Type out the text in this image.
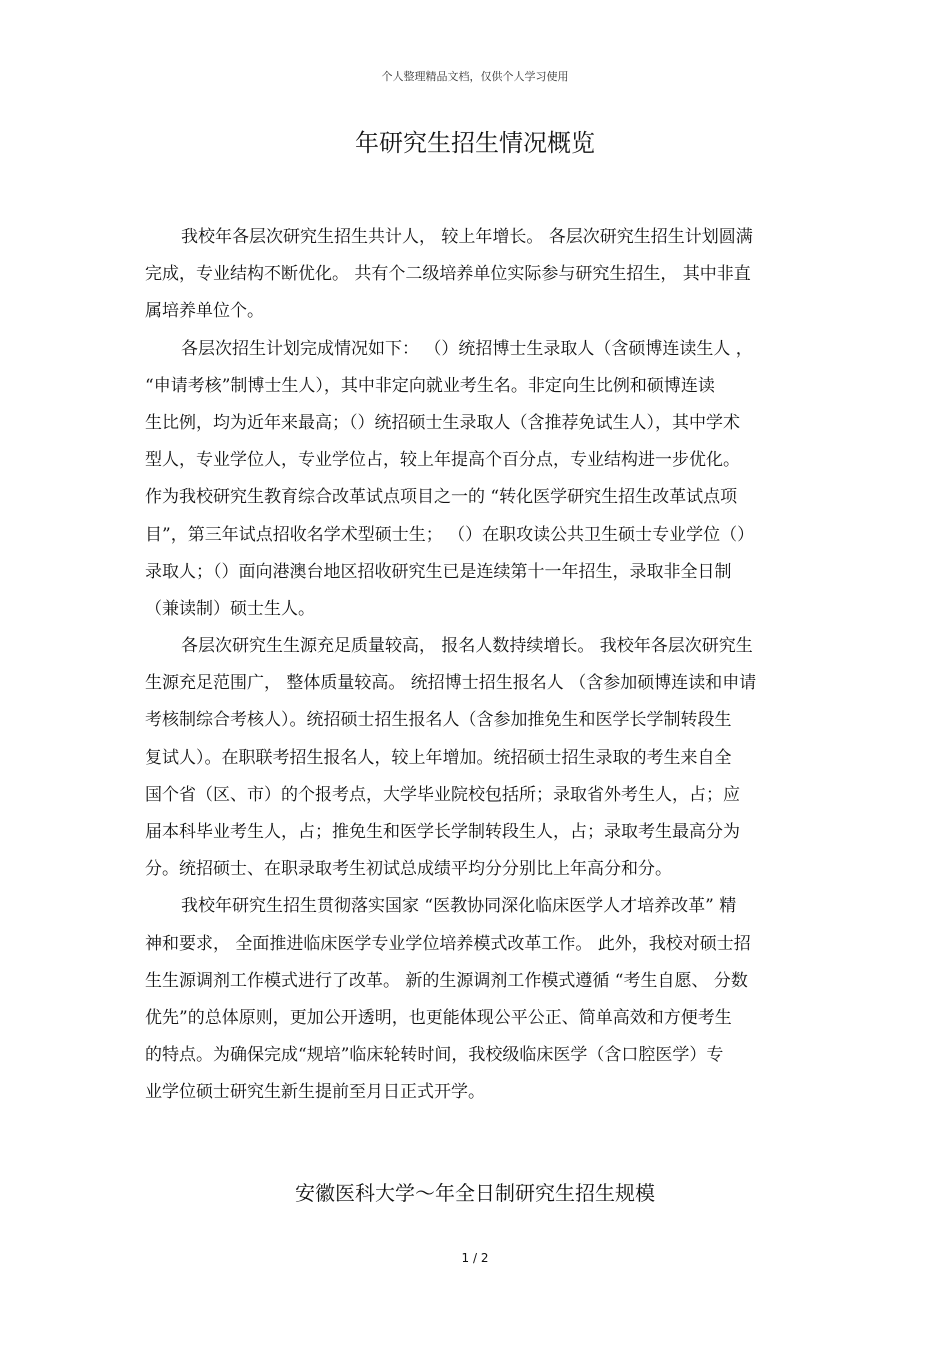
个人整理精品文档，仅供个人学习使用
年研究生招生情况概览
我校年各层次研究生招生共计人， 较上年增长。 各层次研究生招生计划圆满
完成，专业结构不断优化。 共有个二级培养单位实际参与研究生招生， 其中非直
属培养单位个。
各层次招生计划完成情况如下： （）统招博士生录取人（含硕博连读生人 ，
“申请考核”制博士生人），其中非定向就业考生名。非定向生比例和硕博连读
生比例，均为近年来最高；（）统招硕士生录取人（含推荐免试生人），其中学术
型人，专业学位人，专业学位占，较上年提高个百分点，专业结构进一步优化。
作为我校研究生教育综合改革试点项目之一的 “转化医学研究生招生改革试点项
目”，第三年试点招收名学术型硕士生； （）在职攻读公共卫生硕士专业学位（）
录取人；（）面向港澳台地区招收研究生已是连续第十一年招生，录取非全日制
（兼读制）硕士生人。
各层次研究生生源充足质量较高， 报名人数持续增长。 我校年各层次研究生
生源充足范围广， 整体质量较高。 统招博士招生报名人 （含参加硕博连读和申请
考核制综合考核人）。统招硕士招生报名人（含参加推免生和医学长学制转段生
复试人）。在职联考招生报名人，较上年增加。统招硕士招生录取的考生来自全
国个省（区、市）的个报考点，大学毕业院校包括所；录取省外考生人，占；应
届本科毕业考生人，占；推免生和医学长学制转段生人，占；录取考生最高分为
分。统招硕士、在职录取考生初试总成绩平均分分别比上年高分和分。
我校年研究生招生贯彻落实国家 “医教协同深化临床医学人才培养改革” 精
神和要求， 全面推进临床医学专业学位培养模式改革工作。 此外，我校对硕士招
生生源调剂工作模式进行了改革。 新的生源调剂工作模式遵循 “考生自愿、 分数
优先”的总体原则，更加公开透明，也更能体现公平公正、简单高效和方便考生
的特点。为确保完成“规培”临床轮转时间，我校级临床医学（含口腔医学）专
业学位硕士研究生新生提前至月日正式开学。
安徽医科大学～年全日制研究生招生规模
1 / 2
